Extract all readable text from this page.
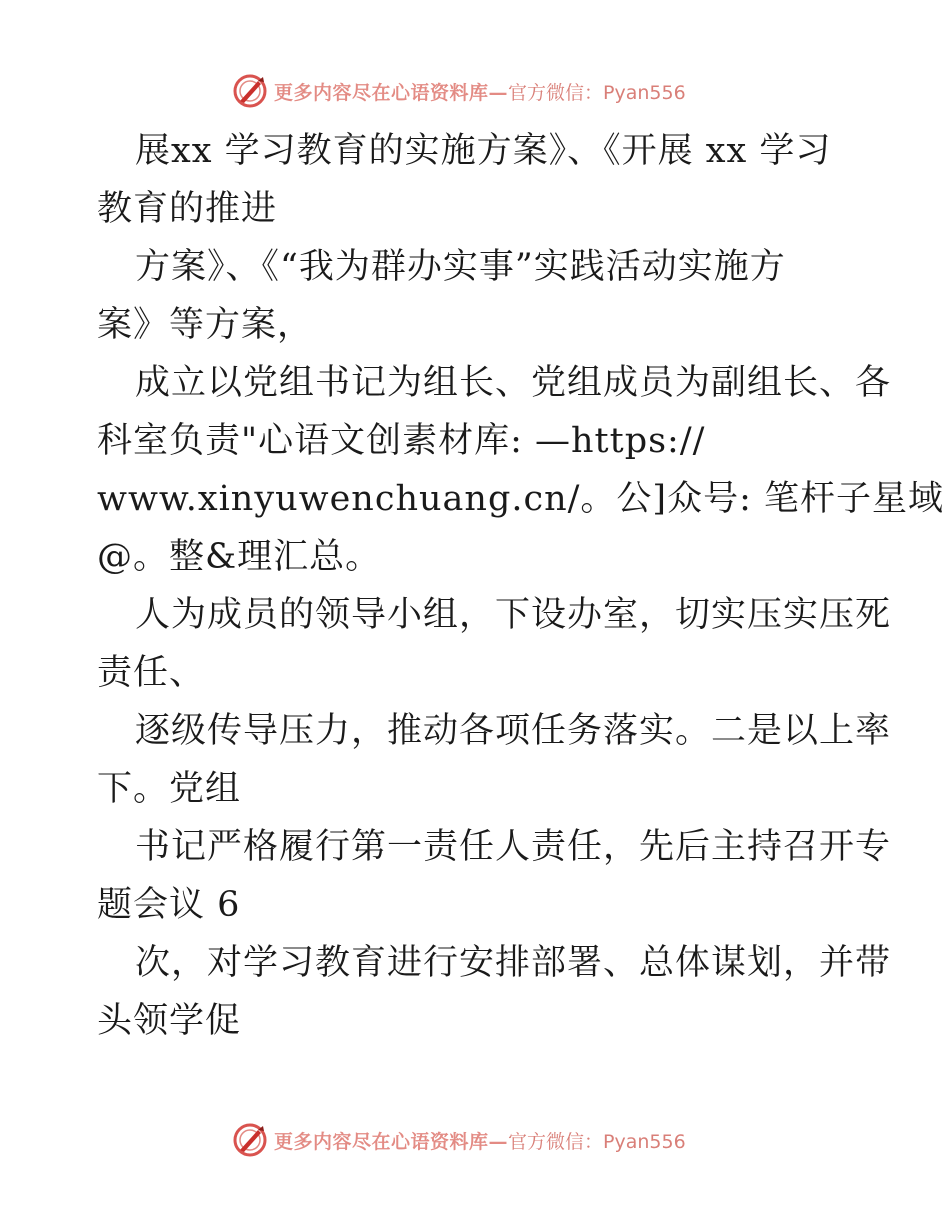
更多内容尽在心语资料库— 官方微信：Pyan556
展xx 学习教育的实施方案》、《开展 xx 学习
教育的推进
方案》、《“我为群办实事”实践活动实施方
案》等方案，
成立以党组书记为组长、党组成员为副组长、各
科室负责"心语文创素材库: —https://
www.xinyuwenchuang.cn/。公]众号: 笔杆子星域
@。整&理汇总。
人为成员的领导小组，下设办室，切实压实压死
责任、
逐级传导压力，推动各项任务落实。二是以上率
下。党组
书记严格履行第一责任人责任，先后主持召开专
题会议 6
次，对学习教育进行安排部署、总体谋划，并带
头领学促
更多内容尽在心语资料库— 官方微信：Pyan556
